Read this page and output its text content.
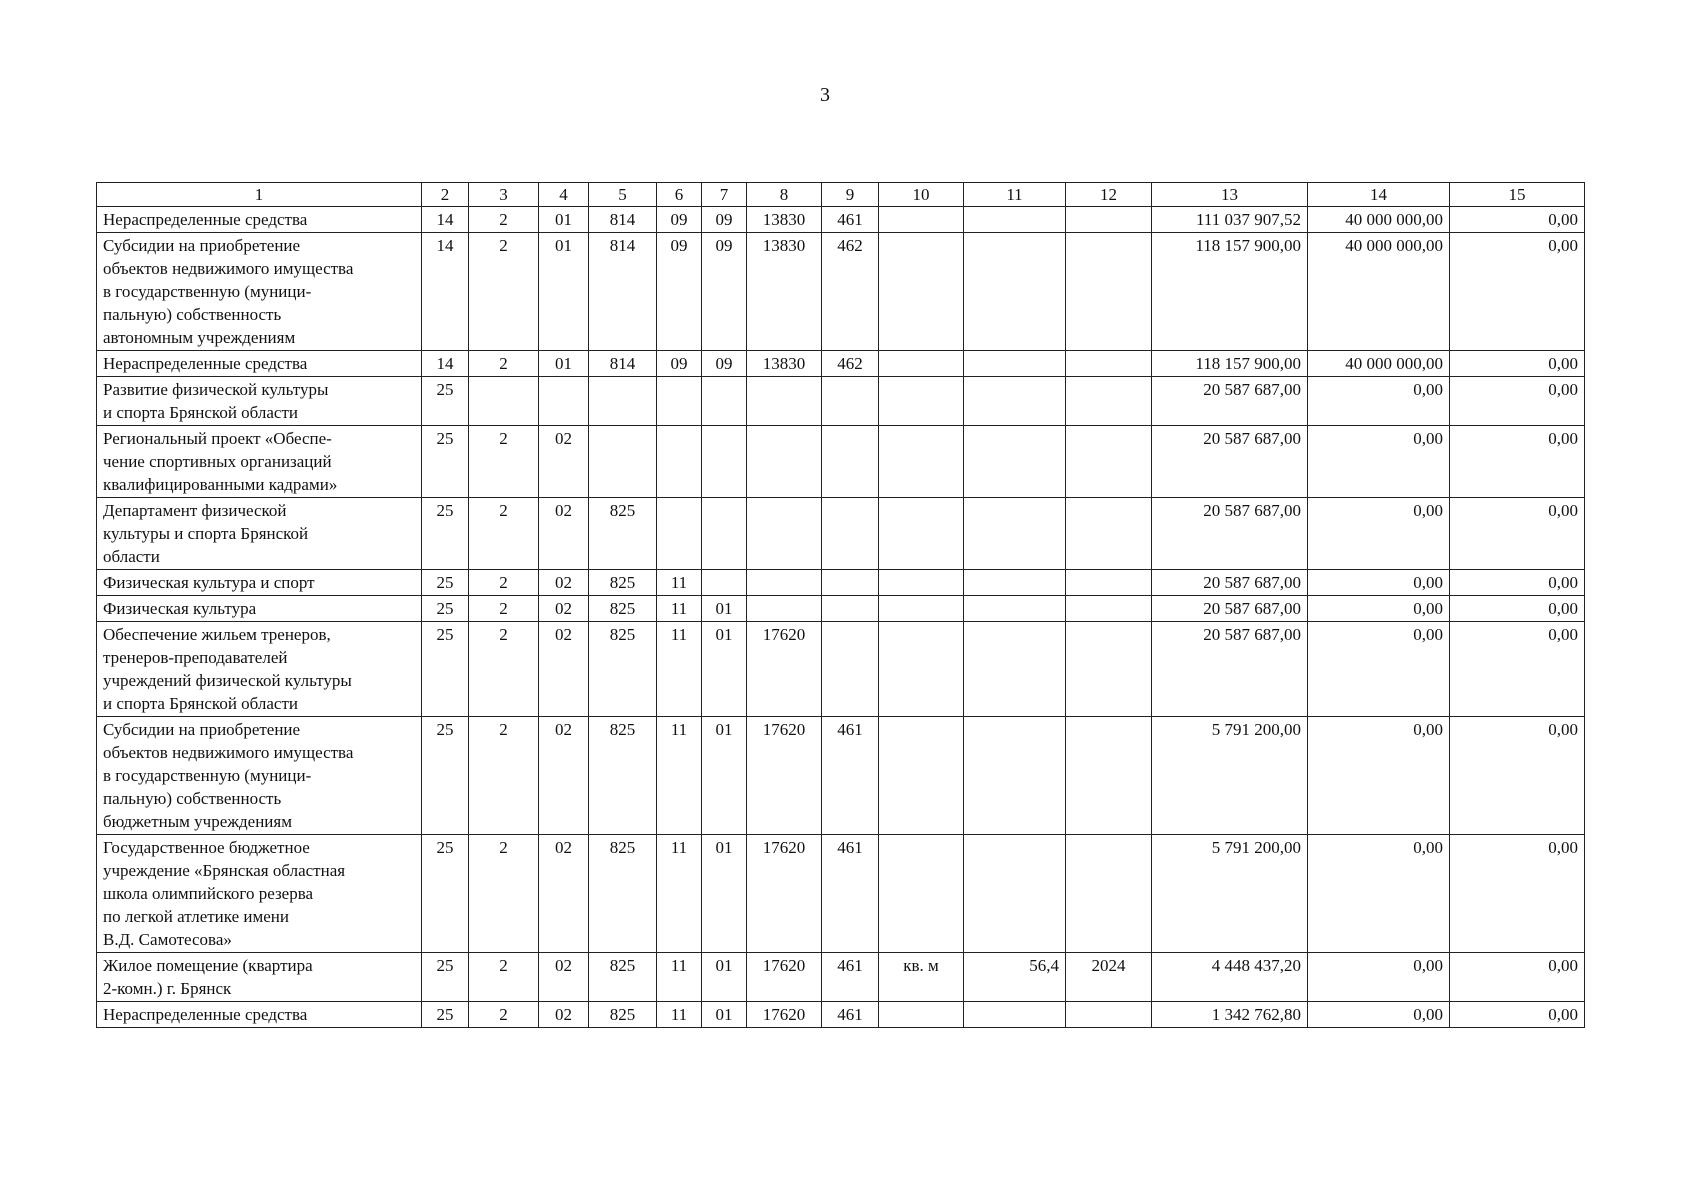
3
1	2	3	4	5	6	7	8	9	10	11	12	13	14	15
Нераспределенные средства	14	2	01	814	09	09	13830	461				111 037 907,52	40 000 000,00	0,00
Субсидии на приобретение
объектов недвижимого имущества
в государственную (муници-
пальную) собственность
автономным учреждениям	14	2	01	814	09	09	13830	462				118 157 900,00	40 000 000,00	0,00
Нераспределенные средства	14	2	01	814	09	09	13830	462				118 157 900,00	40 000 000,00	0,00
Развитие физической культуры
и спорта Брянской области	25											20 587 687,00	0,00	0,00
Региональный проект «Обеспе-
чение спортивных организаций
квалифицированными кадрами»	25	2	02									20 587 687,00	0,00	0,00
Департамент физической
культуры и спорта Брянской
области	25	2	02	825								20 587 687,00	0,00	0,00
Физическая культура и спорт	25	2	02	825	11							20 587 687,00	0,00	0,00
Физическая культура	25	2	02	825	11	01						20 587 687,00	0,00	0,00
Обеспечение жильем тренеров,
тренеров-преподавателей
учреждений физической культуры
и спорта Брянской области	25	2	02	825	11	01	17620					20 587 687,00	0,00	0,00
Субсидии на приобретение
объектов недвижимого имущества
в государственную (муници-
пальную) собственность
бюджетным учреждениям	25	2	02	825	11	01	17620	461				5 791 200,00	0,00	0,00
Государственное бюджетное
учреждение «Брянская областная
школа олимпийского резерва
по легкой атлетике имени
В.Д. Самотесова»	25	2	02	825	11	01	17620	461				5 791 200,00	0,00	0,00
Жилое помещение (квартира
2-комн.) г. Брянск	25	2	02	825	11	01	17620	461	кв. м	56,4	2024	4 448 437,20	0,00	0,00
Нераспределенные средства	25	2	02	825	11	01	17620	461				1 342 762,80	0,00	0,00
